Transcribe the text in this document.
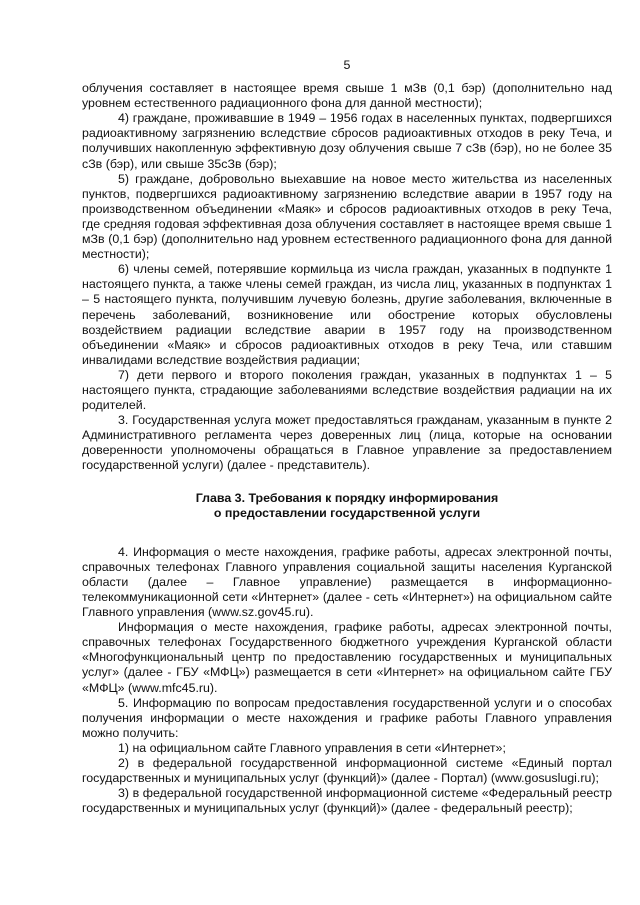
5

облучения составляет в настоящее время свыше 1 мЗв (0,1 бэр) (дополнительно над уровнем естественного радиационного фона для данной местности);

4) граждане, проживавшие в 1949 – 1956 годах в населенных пунктах, подвергшихся радиоактивному загрязнению вследствие сбросов радиоактивных отходов в реку Теча, и получивших накопленную эффективную дозу облучения свыше 7 сЗв (бэр), но не более 35 сЗв (бэр), или свыше 35сЗв (бэр);

5) граждане, добровольно выехавшие на новое место жительства из населенных пунктов, подвергшихся радиоактивному загрязнению вследствие аварии в 1957 году на производственном объединении «Маяк» и сбросов радиоактивных отходов в реку Теча, где средняя годовая эффективная доза облучения составляет в настоящее время свыше 1 мЗв (0,1 бэр) (дополнительно над уровнем естественного радиационного фона для данной местности);

6) члены семей, потерявшие кормильца из числа граждан, указанных в подпункте 1 настоящего пункта, а также члены семей граждан, из числа лиц, указанных в подпунктах 1 – 5 настоящего пункта, получившим лучевую болезнь, другие заболевания, включенные в перечень заболеваний, возникновение или обострение которых обусловлены воздействием радиации вследствие аварии в 1957 году на производственном объединении «Маяк» и сбросов радиоактивных отходов в реку Теча, или ставшим инвалидами вследствие воздействия радиации;

7) дети первого и второго поколения граждан, указанных в подпунктах 1 – 5 настоящего пункта, страдающие заболеваниями вследствие воздействия радиации на их родителей.

3. Государственная услуга может предоставляться гражданам, указанным в пункте 2 Административного регламента через доверенных лиц (лица, которые на основании доверенности уполномочены обращаться в Главное управление за предоставлением государственной услуги) (далее - представитель).

Глава 3. Требования к порядку информирования
о предоставлении государственной услуги

4. Информация о месте нахождения, графике работы, адресах электронной почты, справочных телефонах Главного управления социальной защиты населения Курганской области (далее – Главное управление) размещается в информационно-телекоммуникационной сети «Интернет» (далее - сеть «Интернет») на официальном сайте Главного управления (www.sz.gov45.ru).

Информация о месте нахождения, графике работы, адресах электронной почты, справочных телефонах Государственного бюджетного учреждения Курганской области «Многофункциональный центр по предоставлению государственных и муниципальных услуг» (далее - ГБУ «МФЦ») размещается в сети «Интернет» на официальном сайте ГБУ «МФЦ» (www.mfc45.ru).

5. Информацию по вопросам предоставления государственной услуги и о способах получения информации о месте нахождения и графике работы Главного управления можно получить:

1) на официальном сайте Главного управления в сети «Интернет»;

2) в федеральной государственной информационной системе «Единый портал государственных и муниципальных услуг (функций)» (далее - Портал) (www.gosuslugi.ru);

3) в федеральной государственной информационной системе «Федеральный реестр государственных и муниципальных услуг (функций)» (далее - федеральный реестр);
